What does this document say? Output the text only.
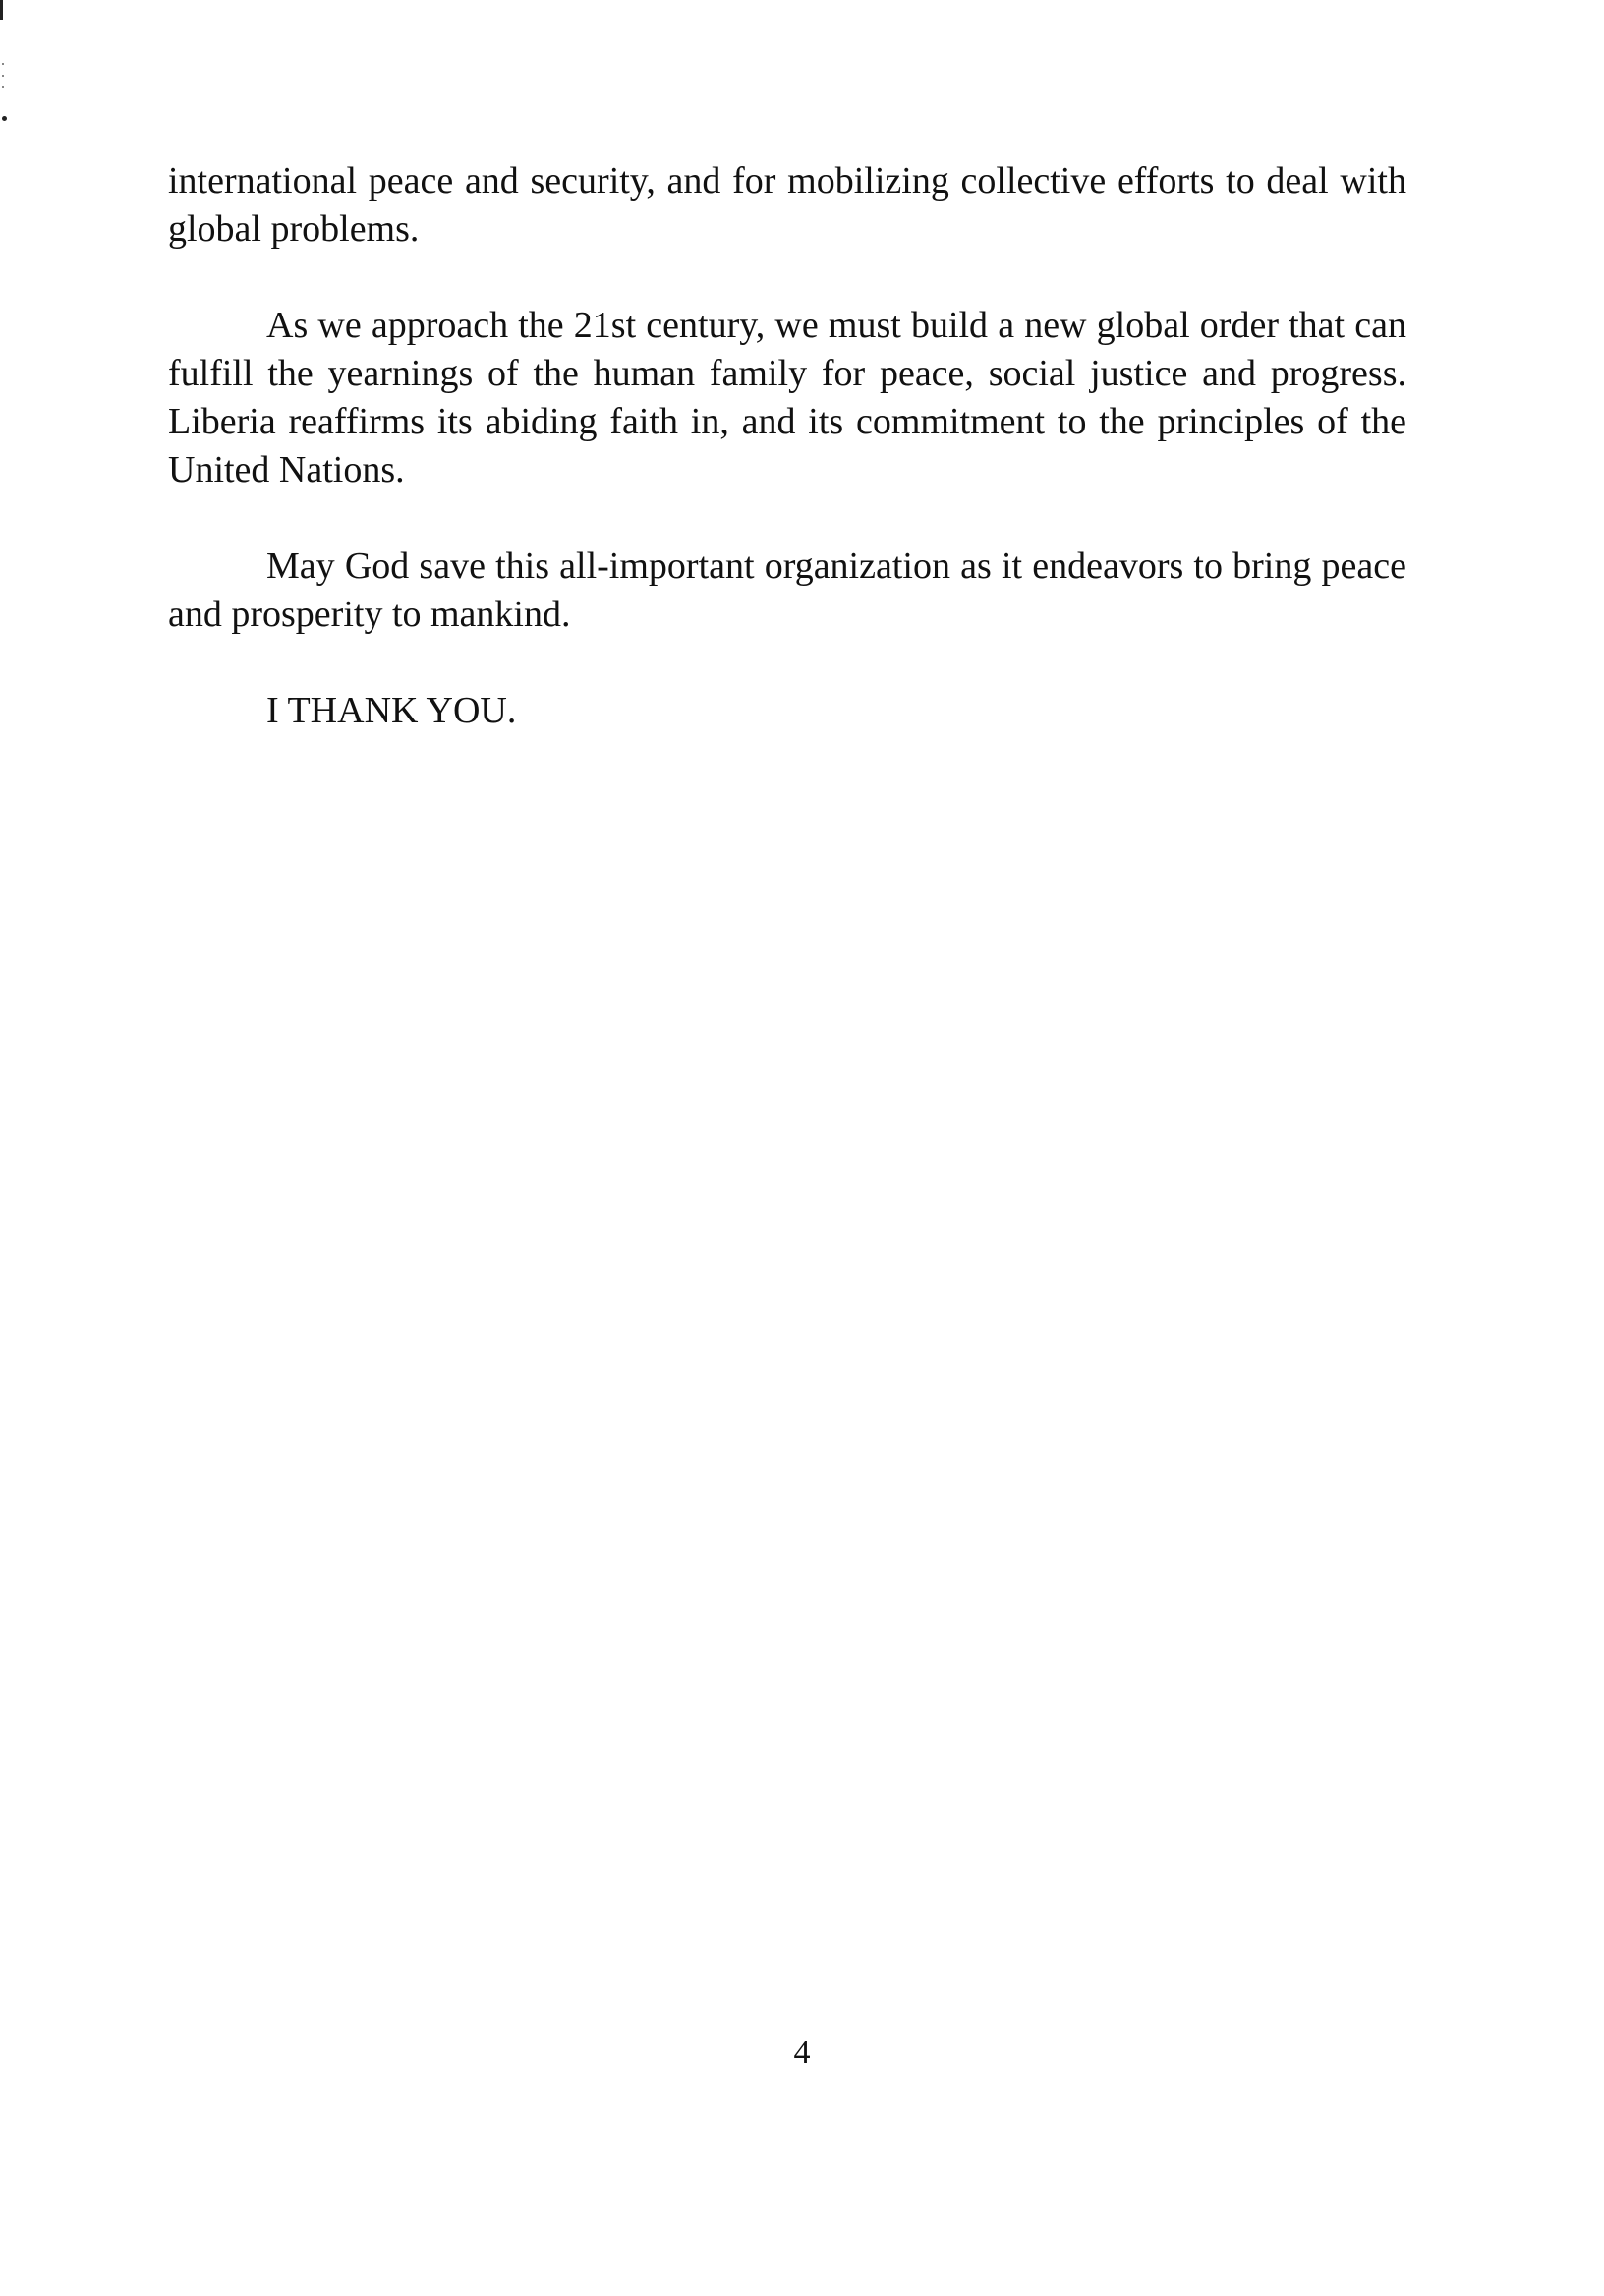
international peace and security, and for mobilizing collective efforts to deal with global problems.

As we approach the 21st century, we must build a new global order that can fulfill the yearnings of the human family for peace, social justice and progress. Liberia reaffirms its abiding faith in, and its commitment to the principles of the United Nations.

May God save this all-important organization as it endeavors to bring peace and prosperity to mankind.

I THANK YOU.

4
